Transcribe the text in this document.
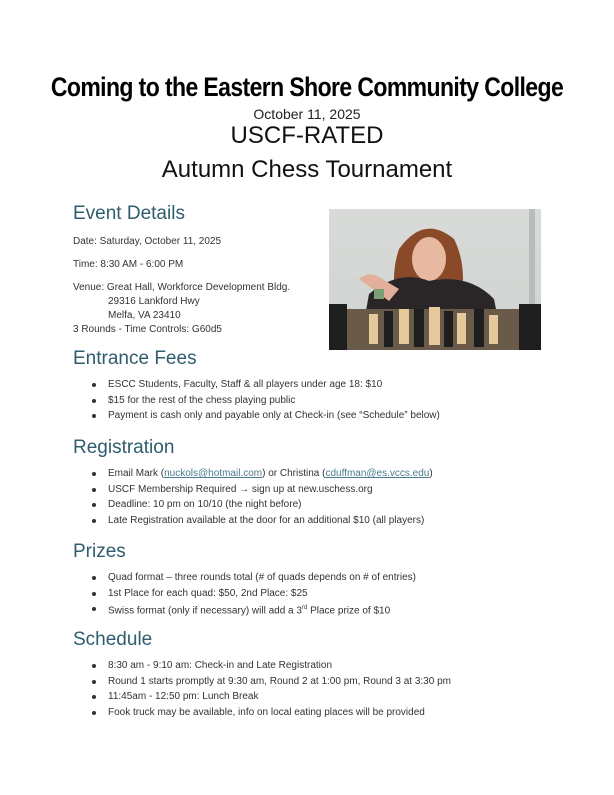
Coming to the Eastern Shore Community College
October 11, 2025
USCF-RATED
Autumn Chess Tournament
Event Details
Date: Saturday, October 11, 2025
Time: 8:30 AM - 6:00 PM
Venue: Great Hall, Workforce Development Bldg.
29316 Lankford Hwy
Melfa, VA 23410
3 Rounds - Time Controls: G60d5
Entrance Fees
ESCC Students, Faculty, Staff & all players under age 18: $10
$15 for the rest of the chess playing public
Payment is cash only and payable only at Check-in (see “Schedule” below)
Registration
Email Mark (nuckols@hotmail.com) or Christina (cduffman@es.vccs.edu)
USCF Membership Required → sign up at new.uschess.org
Deadline: 10 pm on 10/10 (the night before)
Late Registration available at the door for an additional $10 (all players)
Prizes
Quad format – three rounds total (# of quads depends on # of entries)
1st Place for each quad: $50, 2nd Place: $25
Swiss format (only if necessary) will add a 3rd Place prize of $10
Schedule
8:30 am - 9:10 am: Check-in and Late Registration
Round 1 starts promptly at 9:30 am, Round 2 at 1:00 pm, Round 3 at 3:30 pm
11:45am - 12:50 pm: Lunch Break
Fook truck may be available, info on local eating places will be provided
